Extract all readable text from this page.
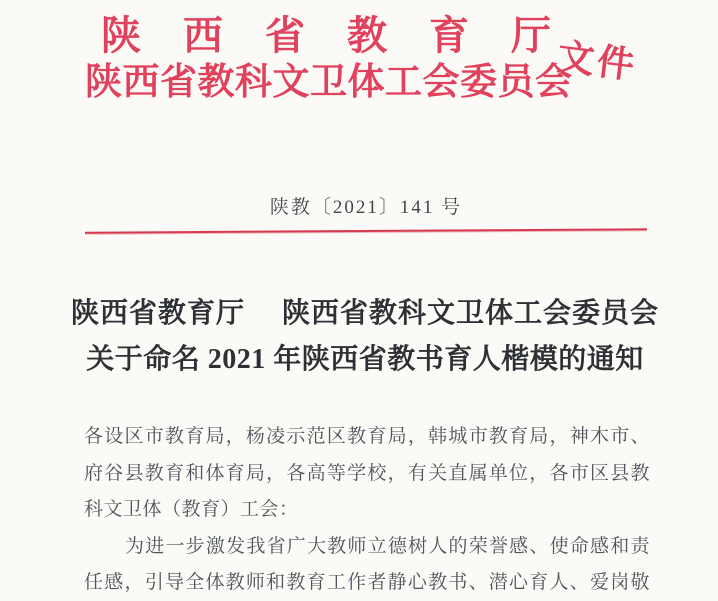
陕西省教育厅
陕西省教科文卫体工会委员会
文件
陕教〔2021〕141 号
陕西省教育厅 陕西省教科文卫体工会委员会
关于命名 2021 年陕西省教书育人楷模的通知

各设区市教育局，杨凌示范区教育局，韩城市教育局，神木市、

府谷县教育和体育局，各高等学校，有关直属单位，各市区县教

科文卫体（教育）工会：

为进一步激发我省广大教师立德树人的荣誉感、使命感和责

任感，引导全体教师和教育工作者静心教书、潜心育人、爱岗敬
